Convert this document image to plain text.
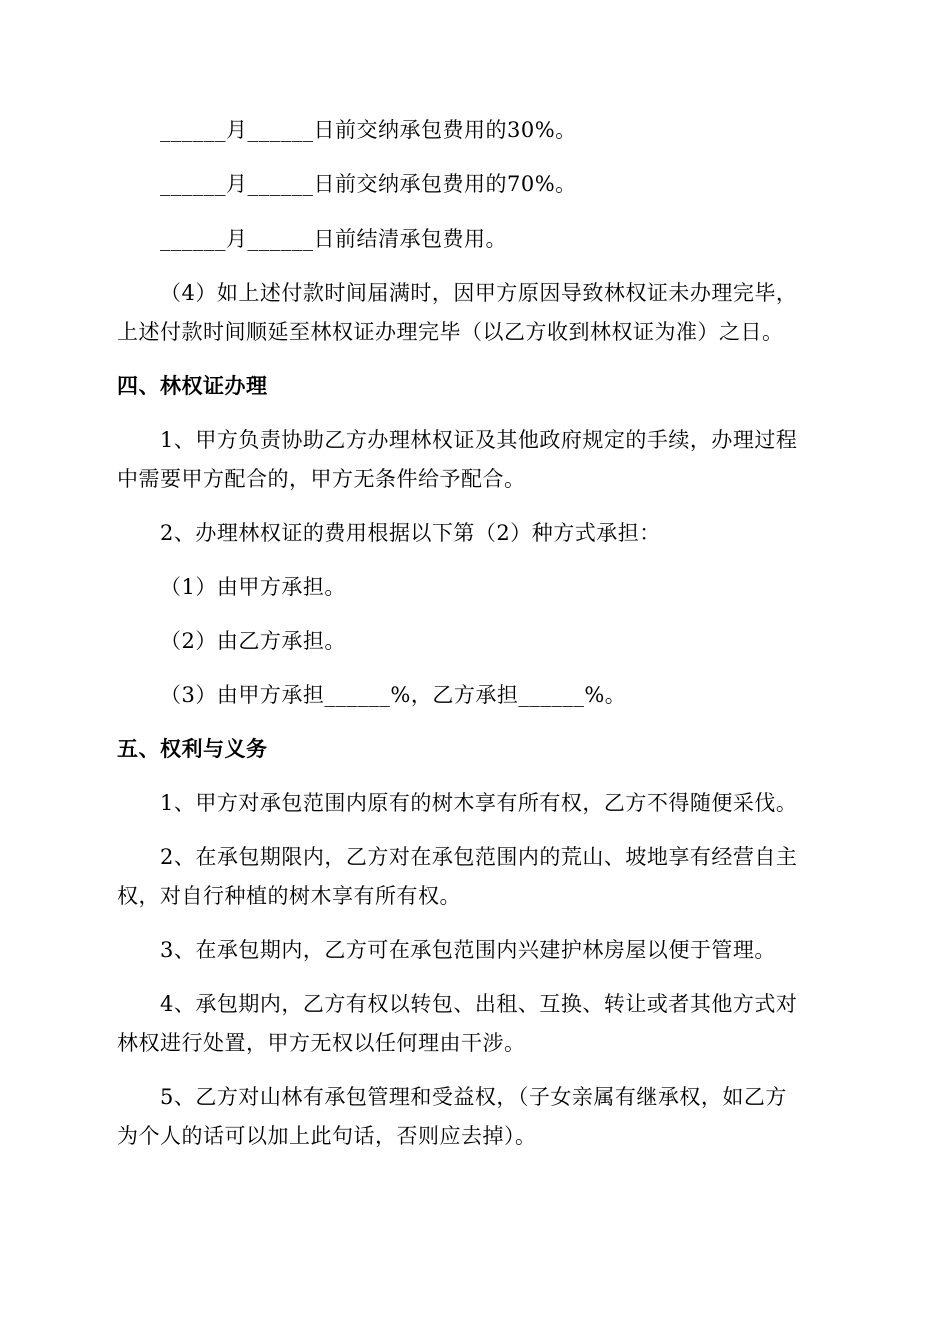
______月______日前交纳承包费用的30%。
______月______日前交纳承包费用的70%。
______月______日前结清承包费用。
（4）如上述付款时间届满时，因甲方原因导致林权证未办理完毕，
上述付款时间顺延至林权证办理完毕（以乙方收到林权证为准）之日。
四、林权证办理
1、甲方负责协助乙方办理林权证及其他政府规定的手续，办理过程
中需要甲方配合的，甲方无条件给予配合。
2、办理林权证的费用根据以下第（2）种方式承担：
（1）由甲方承担。
（2）由乙方承担。
（3）由甲方承担______%，乙方承担______%。
五、权利与义务
1、甲方对承包范围内原有的树木享有所有权，乙方不得随便采伐。
2、在承包期限内，乙方对在承包范围内的荒山、坡地享有经营自主
权，对自行种植的树木享有所有权。
3、在承包期内，乙方可在承包范围内兴建护林房屋以便于管理。
4、承包期内，乙方有权以转包、出租、互换、转让或者其他方式对
林权进行处置，甲方无权以任何理由干涉。
5、乙方对山林有承包管理和受益权，（子女亲属有继承权，如乙方
为个人的话可以加上此句话，否则应去掉）。
